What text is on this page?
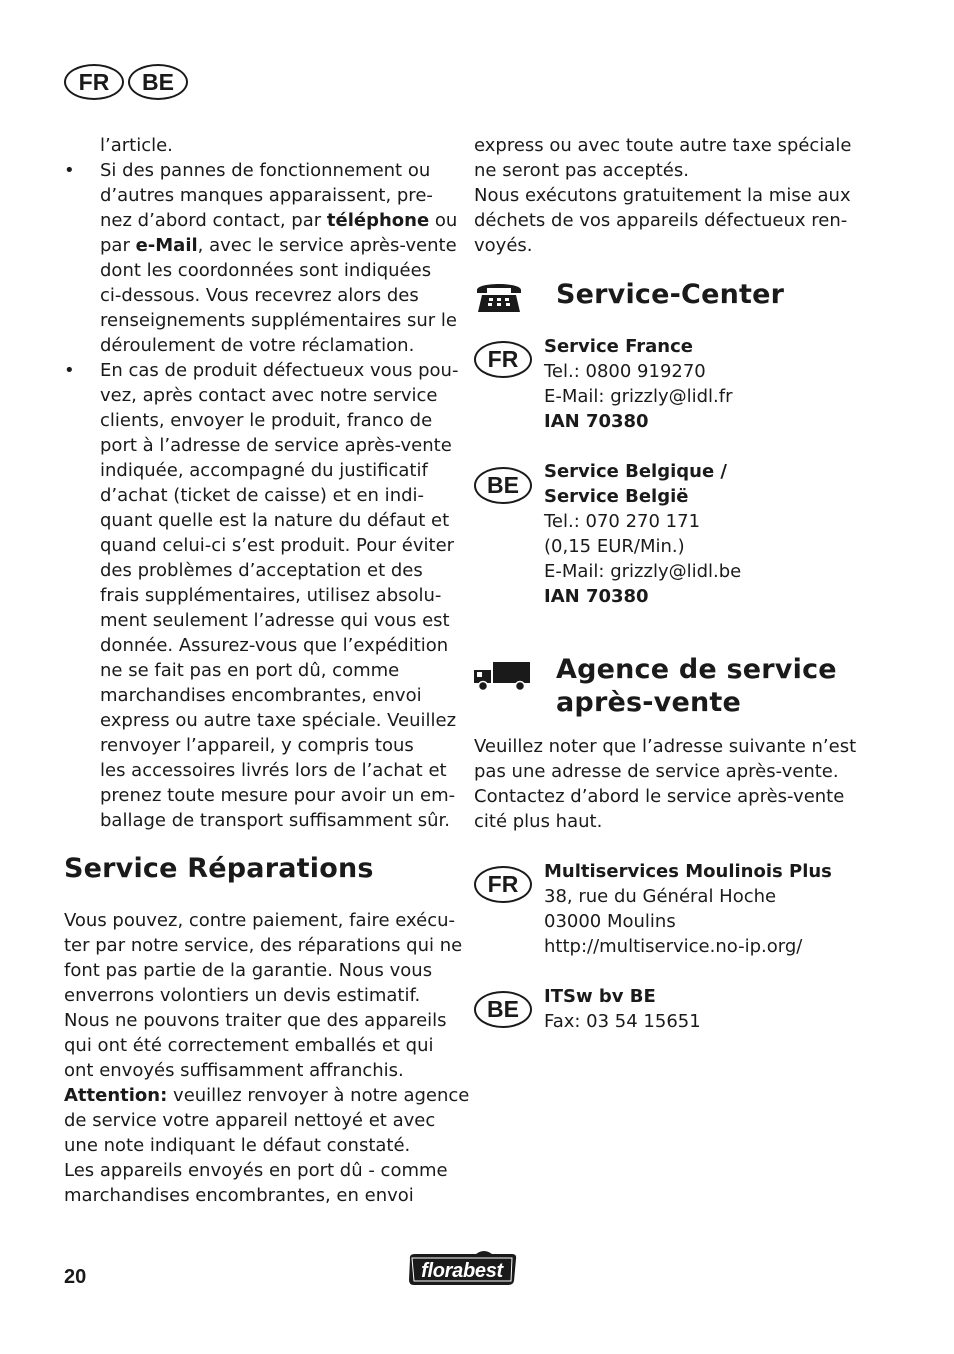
FR	BE

l’article.

• Si des pannes de fonctionnement ou

d’autres manques apparaissent, pre-

nez d’abord contact, par téléphone ou

par e-Mail, avec le service après-vente

dont les coordonnées sont indiquées

ci-dessous. Vous recevrez alors des

renseignements supplémentaires sur le

déroulement de votre réclamation.

• En cas de produit défectueux vous pou-

vez, après contact avec notre service

clients, envoyer le produit, franco de

port à l’adresse de service après-vente

indiquée, accompagné du justificatif

d’achat (ticket de caisse) et en indi-

quant quelle est la nature du défaut et

quand celui-ci s’est produit. Pour éviter

des problèmes d’acceptation et des

frais supplémentaires, utilisez absolu-

ment seulement l’adresse qui vous est

donnée. Assurez-vous que l’expédition

ne se fait pas en port dû, comme

marchandises encombrantes, envoi

express ou autre taxe spéciale. Veuillez

renvoyer l’appareil, y compris tous

les accessoires livrés lors de l’achat et

prenez toute mesure pour avoir un em-

ballage de transport suffisamment sûr.

Service Réparations

Vous pouvez, contre paiement, faire exécu-

ter par notre service, des réparations qui ne

font pas partie de la garantie. Nous vous

enverrons volontiers un devis estimatif.

Nous ne pouvons traiter que des appareils

qui ont été correctement emballés et qui

ont envoyés suffisamment affranchis.

Attention: veuillez renvoyer à notre agence

de service votre appareil nettoyé et avec

une note indiquant le défaut constaté.

Les appareils envoyés en port dû - comme

marchandises encombrantes, en envoi

express ou avec toute autre taxe spéciale

ne seront pas acceptés.

Nous exécutons gratuitement la mise aux

déchets de vos appareils défectueux ren-

voyés.

Service-Center
FR	Service France

Tel.: 0800 919270

E-Mail: grizzly@lidl.fr

IAN 70380

BE

Service Belgique /

Service België

Tel.: 070 270 171

(0,15 EUR/Min.)

E-Mail: grizzly@lidl.be

IAN 70380

Agence de service
après-vente

Veuillez noter que l’adresse suivante n’est

pas une adresse de service après-vente.

Contactez d’abord le service après-vente

cité plus haut.

FR	Multiservices Moulinois Plus

38, rue du Général Hoche

03000 Moulins

http://multiservice.no-ip.org/

BE	ITSw bv BE

Fax: 03 54 15651

20	florabest
